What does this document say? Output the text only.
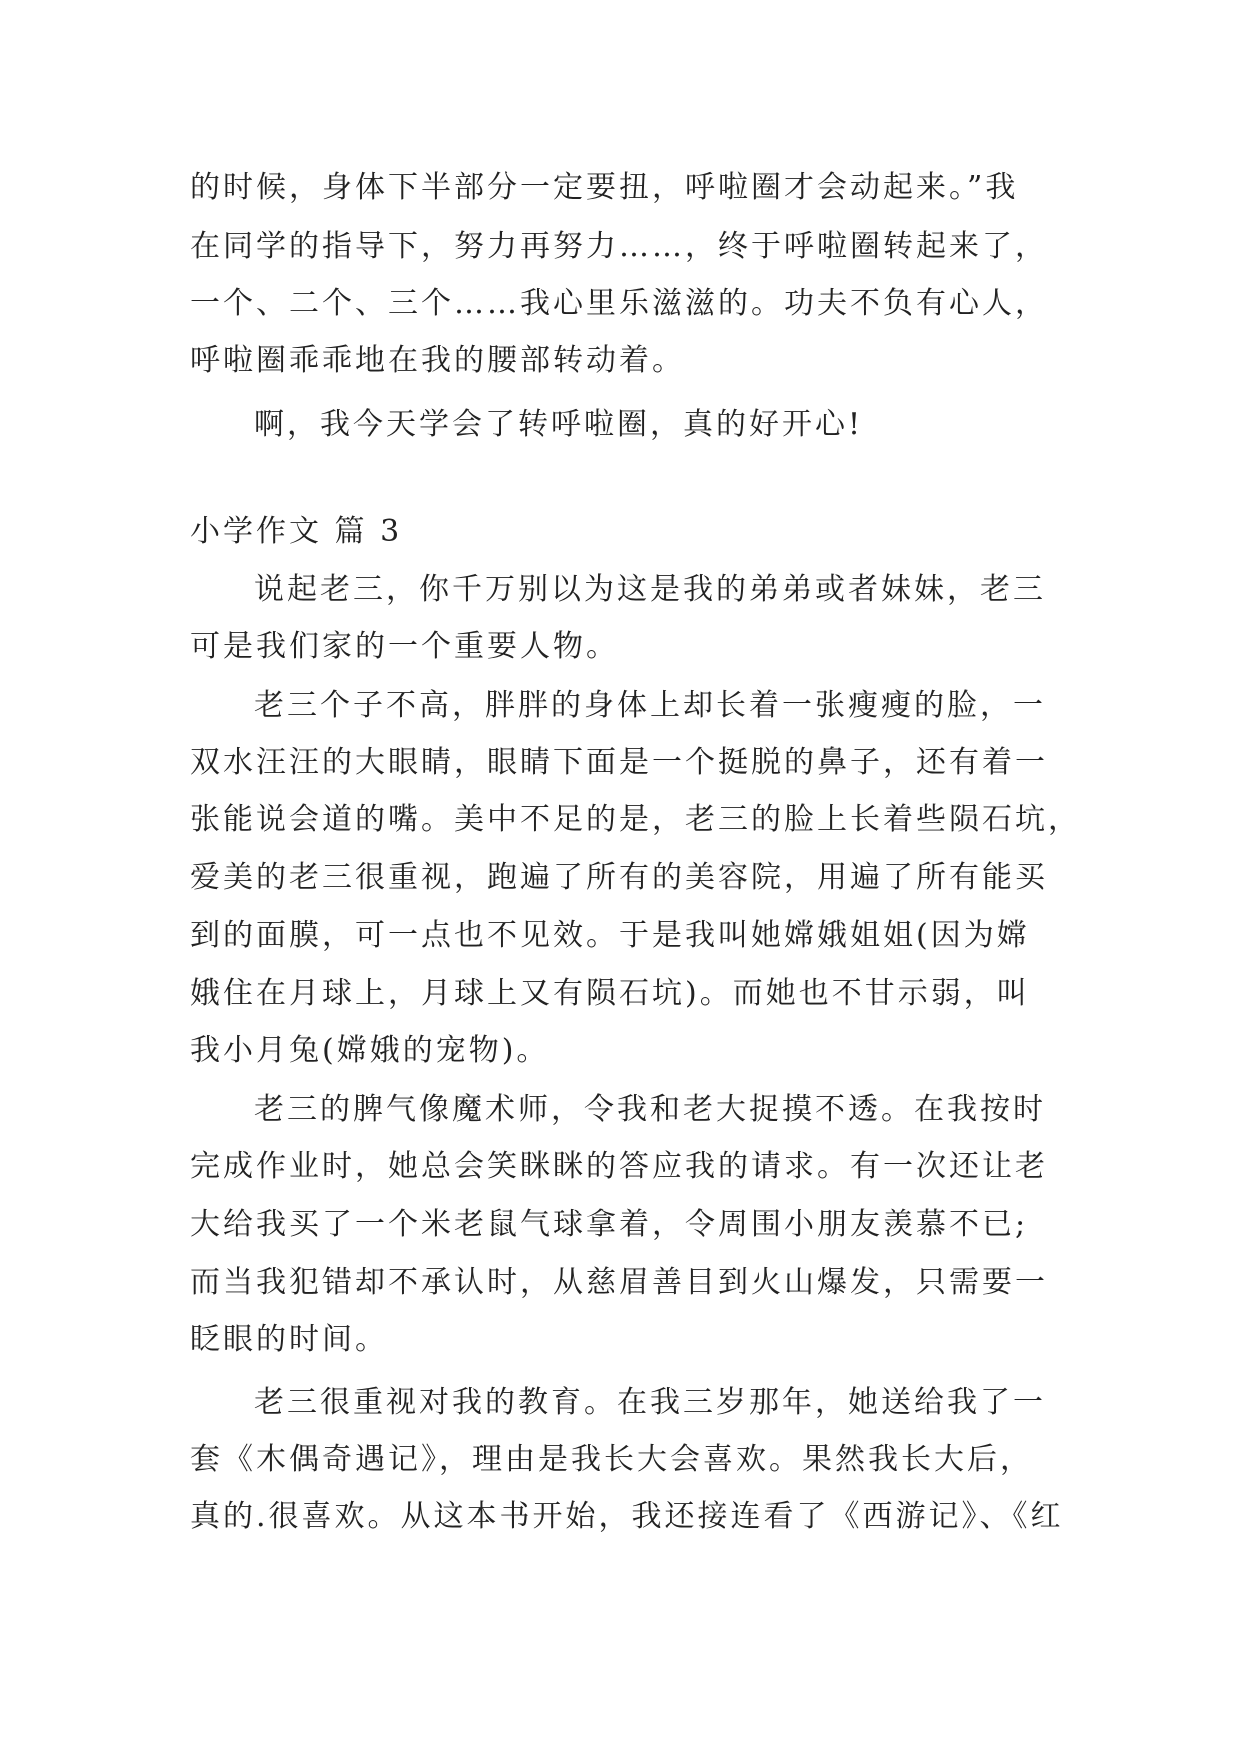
的时候，身体下半部分一定要扭，呼啦圈才会动起来。”我
在同学的指导下，努力再努力……，终于呼啦圈转起来了，
一个、二个、三个……我心里乐滋滋的。功夫不负有心人，
呼啦圈乖乖地在我的腰部转动着。
啊，我今天学会了转呼啦圈，真的好开心!
小学作文 篇 3
说起老三，你千万别以为这是我的弟弟或者妹妹，老三
可是我们家的一个重要人物。
老三个子不高，胖胖的身体上却长着一张瘦瘦的脸，一
双水汪汪的大眼睛，眼睛下面是一个挺脱的鼻子，还有着一
张能说会道的嘴。美中不足的是，老三的脸上长着些陨石坑，
爱美的老三很重视，跑遍了所有的美容院，用遍了所有能买
到的面膜，可一点也不见效。于是我叫她嫦娥姐姐(因为嫦
娥住在月球上，月球上又有陨石坑)。而她也不甘示弱，叫
我小月兔(嫦娥的宠物)。
老三的脾气像魔术师，令我和老大捉摸不透。在我按时
完成作业时，她总会笑眯眯的答应我的请求。有一次还让老
大给我买了一个米老鼠气球拿着，令周围小朋友羡慕不已;
而当我犯错却不承认时，从慈眉善目到火山爆发，只需要一
眨眼的时间。
老三很重视对我的教育。在我三岁那年，她送给我了一
套《木偶奇遇记》，理由是我长大会喜欢。果然我长大后，
真的.很喜欢。从这本书开始，我还接连看了《西游记》、《红
